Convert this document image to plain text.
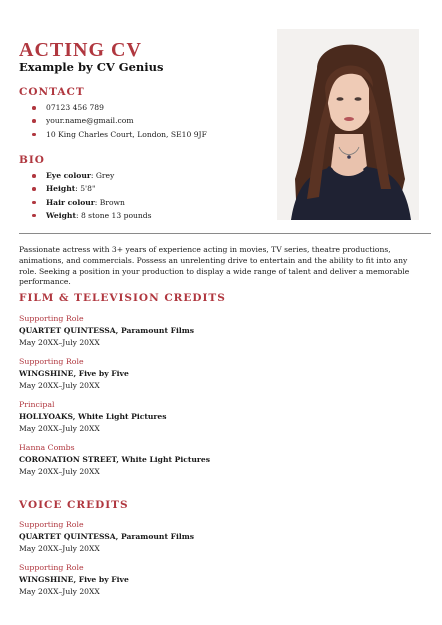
ACTING CV
Example by CV Genius
CONTACT
07123 456 789
your.name@gmail.com
10 King Charles Court, London, SE10 9JF
BIO
Eye colour: Grey
Height: 5'8"
Hair colour: Brown
Weight: 8 stone 13 pounds
Passionate actress with 3+ years of experience acting in movies, TV series, theatre productions, animations, and commercials. Possess an unrelenting drive to entertain and the ability to fit into any role. Seeking a position in your production to display a wide range of talent and deliver a memorable performance.
FILM & TELEVISION CREDITS
Supporting Role
QUARTET QUINTESSA, Paramount Films
May 20XX–July 20XX
Supporting Role
WINGSHINE, Five by Five
May 20XX–July 20XX
Principal
HOLLYOAKS, White Light Pictures
May 20XX–July 20XX
Hanna Combs
CORONATION STREET, White Light Pictures
May 20XX–July 20XX
VOICE CREDITS
Supporting Role
QUARTET QUINTESSA, Paramount Films
May 20XX–July 20XX
Supporting Role
WINGSHINE, Five by Five
May 20XX–July 20XX
